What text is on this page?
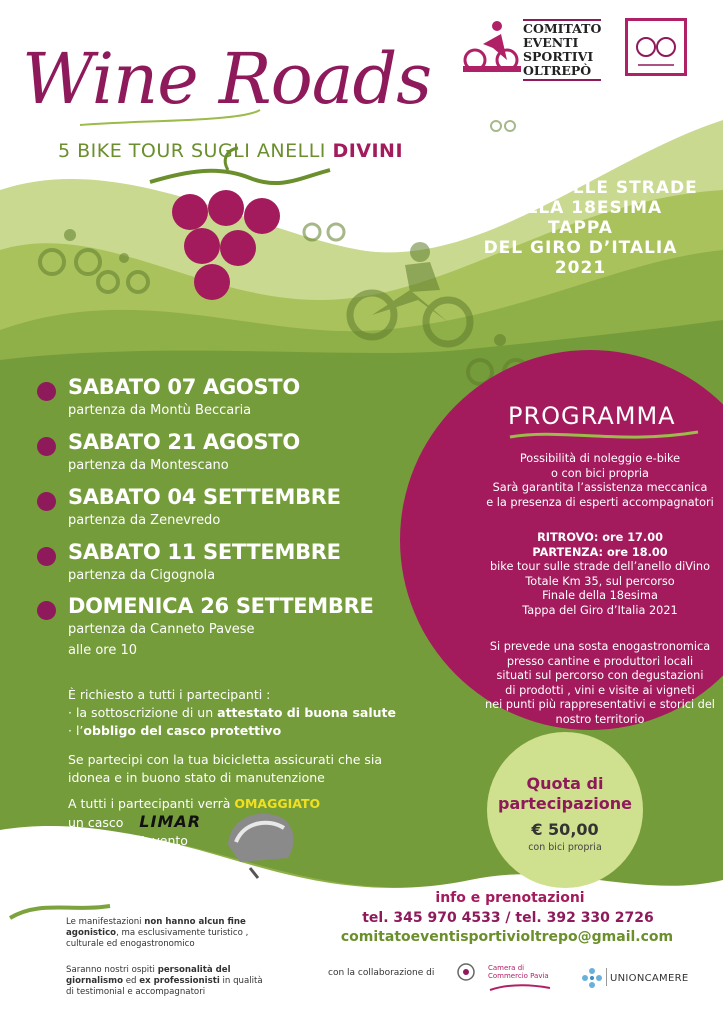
Wine Roads
5 BIKE TOUR SUGLI ANELLI DIVINI
COMITATO
EVENTI
SPORTIVI
OLTREPÒ
EVENTI SULLE STRADE
DELLA 18ESIMA TAPPA
DEL GIRO D’ITALIA 2021
SABATO 07 AGOSTO
partenza da Montù Beccaria
SABATO 21 AGOSTO
partenza da Montescano
SABATO 04 SETTEMBRE
partenza da Zenevredo
SABATO 11 SETTEMBRE
partenza da Cigognola
DOMENICA 26 SETTEMBRE
partenza da Canneto Pavese
alle ore 10
È richiesto a tutti i partecipanti :
· la sottoscrizione di un attestato di buona salute
· l’obbligo del casco protettivo
Se partecipi con la tua bicicletta assicurati che sia
idonea e in buono stato di manutenzione
A tutti i partecipanti verrà OMAGGIATO
un casco LIMAR
dedicato all’evento
PROGRAMMA
Possibilità di noleggio e-bike
o con bici propria
Sarà garantita l’assistenza meccanica
e la presenza di esperti accompagnatori
RITROVO: ore 17.00
PARTENZA: ore 18.00
bike tour sulle strade dell’anello diVino
Totale Km 35, sul percorso
Finale della 18esima
Tappa del Giro d’Italia 2021
Si prevede una sosta enogastronomica
presso cantine e produttori locali
situati sul percorso con degustazioni
di prodotti , vini e visite ai vigneti
nei punti più rappresentativi e storici del
nostro territorio
Quota di
partecipazione
€ 50,00
con bici propria
info e prenotazioni
tel. 345 970 4533 / tel. 392 330 2726
comitatoeventisportivioltrepo@gmail.com
Le manifestazioni non hanno alcun fine agonistico, ma esclusivamente turistico , culturale ed enogastronomico
Saranno nostri ospiti personalità del giornalismo ed ex professionisti in qualità di testimonial e accompagnatori
con la collaborazione di	Camera di Commercio Pavia	UNIONCAMERE
